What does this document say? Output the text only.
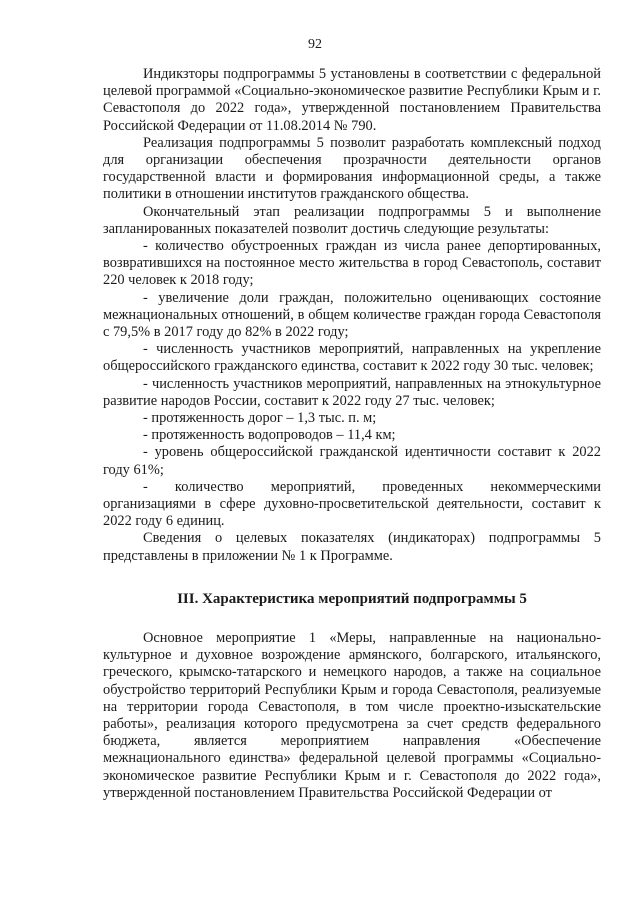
92

Индикзторы подпрограммы 5 установлены в соответствии с федеральной целевой программой «Социально-экономическое развитие Республики Крым и г. Севастополя до 2022 года», утвержденной постановлением Правительства Российской Федерации от 11.08.2014 № 790.

Реализация подпрограммы 5 позволит разработать комплексный подход для организации обеспечения прозрачности деятельности органов государственной власти и формирования информационной среды, а также политики в отношении институтов гражданского общества.

Окончательный этап реализации подпрограммы 5 и выполнение запланированных показателей позволит достичь следующие результаты:

- количество обустроенных граждан из числа ранее депортированных, возвратившихся на постоянное место жительства в город Севастополь, составит 220 человек к 2018 году;

- увеличение доли граждан, положительно оценивающих состояние межнациональных отношений, в общем количестве граждан города Севастополя с 79,5% в 2017 году до 82% в 2022 году;

- численность участников мероприятий, направленных на укрепление общероссийского гражданского единства, составит к 2022 году 30 тыс. человек;

- численность участников мероприятий, направленных на этнокультурное развитие народов России, составит к 2022 году 27 тыс. человек;

- протяженность дорог – 1,3 тыс. п. м;

- протяженность водопроводов – 11,4 км;

- уровень общероссийской гражданской идентичности составит к 2022 году 61%;

- количество мероприятий, проведенных некоммерческими организациями в сфере духовно-просветительской деятельности, составит к 2022 году 6 единиц.

Сведения о целевых показателях (индикаторах) подпрограммы 5 представлены в приложении № 1 к Программе.

III. Характеристика мероприятий подпрограммы 5

Основное мероприятие 1 «Меры, направленные на национально-культурное и духовное возрождение армянского, болгарского, итальянского, греческого, крымско-татарского и немецкого народов, а также на социальное обустройство территорий Республики Крым и города Севастополя, реализуемые на территории города Севастополя, в том числе проектно-изыскательские работы», реализация которого предусмотрена за счет средств федерального бюджета, является мероприятием направления «Обеспечение межнационального единства» федеральной целевой программы «Социально-экономическое развитие Республики Крым и г. Севастополя до 2022 года», утвержденной постановлением Правительства Российской Федерации от
